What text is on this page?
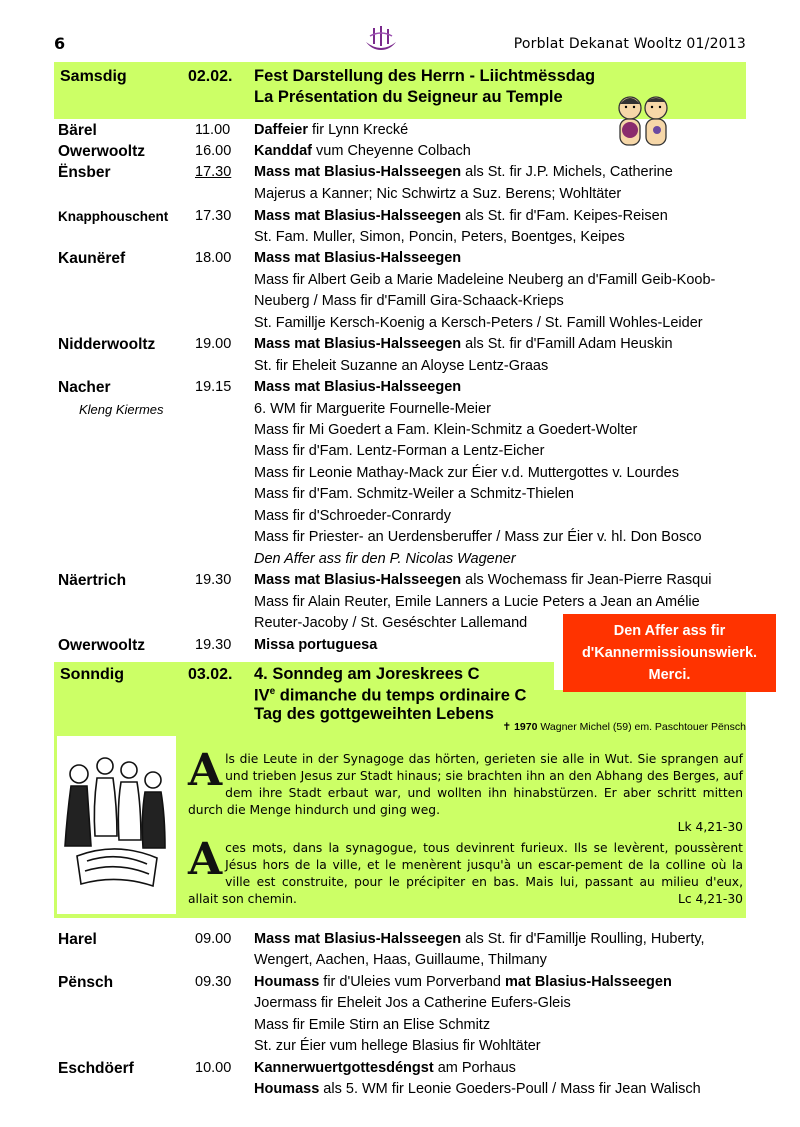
6	Porblat Dekanat Wooltz 01/2013
Samsdig	02.02. Fest Darstellung des Herrn - Liichtmëssdag
La Présentation du Seigneur au Temple
Bärel	11.00 Daffeier fir Lynn Krecké
Owerwooltz	16.00 Kanddaf vum Cheyenne Colbach
Ënsber	17.30 Mass mat Blasius-Halsseegen als St. fir J.P. Michels, Catherine
Majerus a Kanner; Nic Schwirtz a Suz. Berens; Wohltäter
Knapphouschent 17.30 Mass mat Blasius-Halsseegen als St. fir d'Fam. Keipes-Reisen
St. Fam. Muller, Simon, Poncin, Peters, Boentges, Keipes
Kaunëref	18.00 Mass mat Blasius-Halsseegen
Mass fir Albert Geib a Marie Madeleine Neuberg an d'Famill Geib-Koob-
Neuberg / Mass fir d'Famill Gira-Schaack-Krieps
St. Familljе Kersch-Koenig a Kersch-Peters / St. Famill Wohles-Leider
Nidderwooltz	19.00 Mass mat Blasius-Halsseegen als St. fir d'Famill Adam Heuskin
St. fir Eheleit Suzanne an Aloyse Lentz-Graas
Nacher	19.15 Mass mat Blasius-Halsseegen
Kleng Kiermes	6. WM fir Marguerite Fournelle-Meier
Mass fir Mi Goedert a Fam. Klein-Schmitz a Goedert-Wolter
Mass fir d'Fam. Lentz-Forman a Lentz-Eicher
Mass fir Leonie Mathay-Mack zur Éier v.d. Muttergottes v. Lourdes
Mass fir d'Fam. Schmitz-Weiler a Schmitz-Thielen
Mass fir d'Schroeder-Conrardy
Mass fir Priester- an Uerdensberuffer / Mass zur Éier v. hl. Don Bosco
Den Affer ass fir den P. Nicolas Wagener
Näertrich	19.30 Mass mat Blasius-Halsseegen als Wochemass fir Jean-Pierre Rasqui
Mass fir Alain Reuter, Emile Lanners a Lucie Peters a Jean an Amélie
Reuter-Jacoby / St. Geséschter Lallemand
Owerwooltz	19.30 Missa portuguesa
Den Affer ass fir
d'Kannermissiounswierk.
Merci.
Sonndig	03.02. 4. Sonndeg am Joreskrees C
IVe dimanche du temps ordinaire C
Tag des gottgeweihten Lebens
✝ 1970 Wagner Michel (59) em. Paschtouer Pënsch
Als die Leute in der Synagoge das hörten, gerieten sie alle in Wut. Sie sprangen auf und trieben Jesus zur Stadt hinaus; sie brachten ihn an den Abhang des Berges, auf dem ihre Stadt erbaut war, und wollten ihn hinabstürzen. Er aber schritt mitten durch die Menge hindurch und ging weg.
Lk 4,21-30
A ces mots, dans la synagogue, tous devinrent furieux. Ils se levèrent, poussèrent Jésus hors de la ville, et le menèrent jusqu'à un escar-pement de la colline où la ville est construite, pour le précipiter en bas. Mais lui, passant au milieu d'eux, allait son chemin.	Lc 4,21-30
Harel	09.00 Mass mat Blasius-Halsseegen als St. fir d'Familljе Roulling, Huberty,
Wengert, Aachen, Haas, Guillaume, Thilmany
Pënsch	09.30 Houmass fir d'Uleies vum Porverband mat Blasius-Halsseegen
Joermass fir Eheleit Jos a Catherine Eufers-Gleis
Mass fir Emile Stirn an Elise Schmitz
St. zur Éier vum hellege Blasius fir Wohltäter
Eschdöerf	10.00 Kannerwuertgottesdéngst am Porhaus
Houmass als 5. WM fir Leonie Goeders-Poull / Mass fir Jean Walisch
